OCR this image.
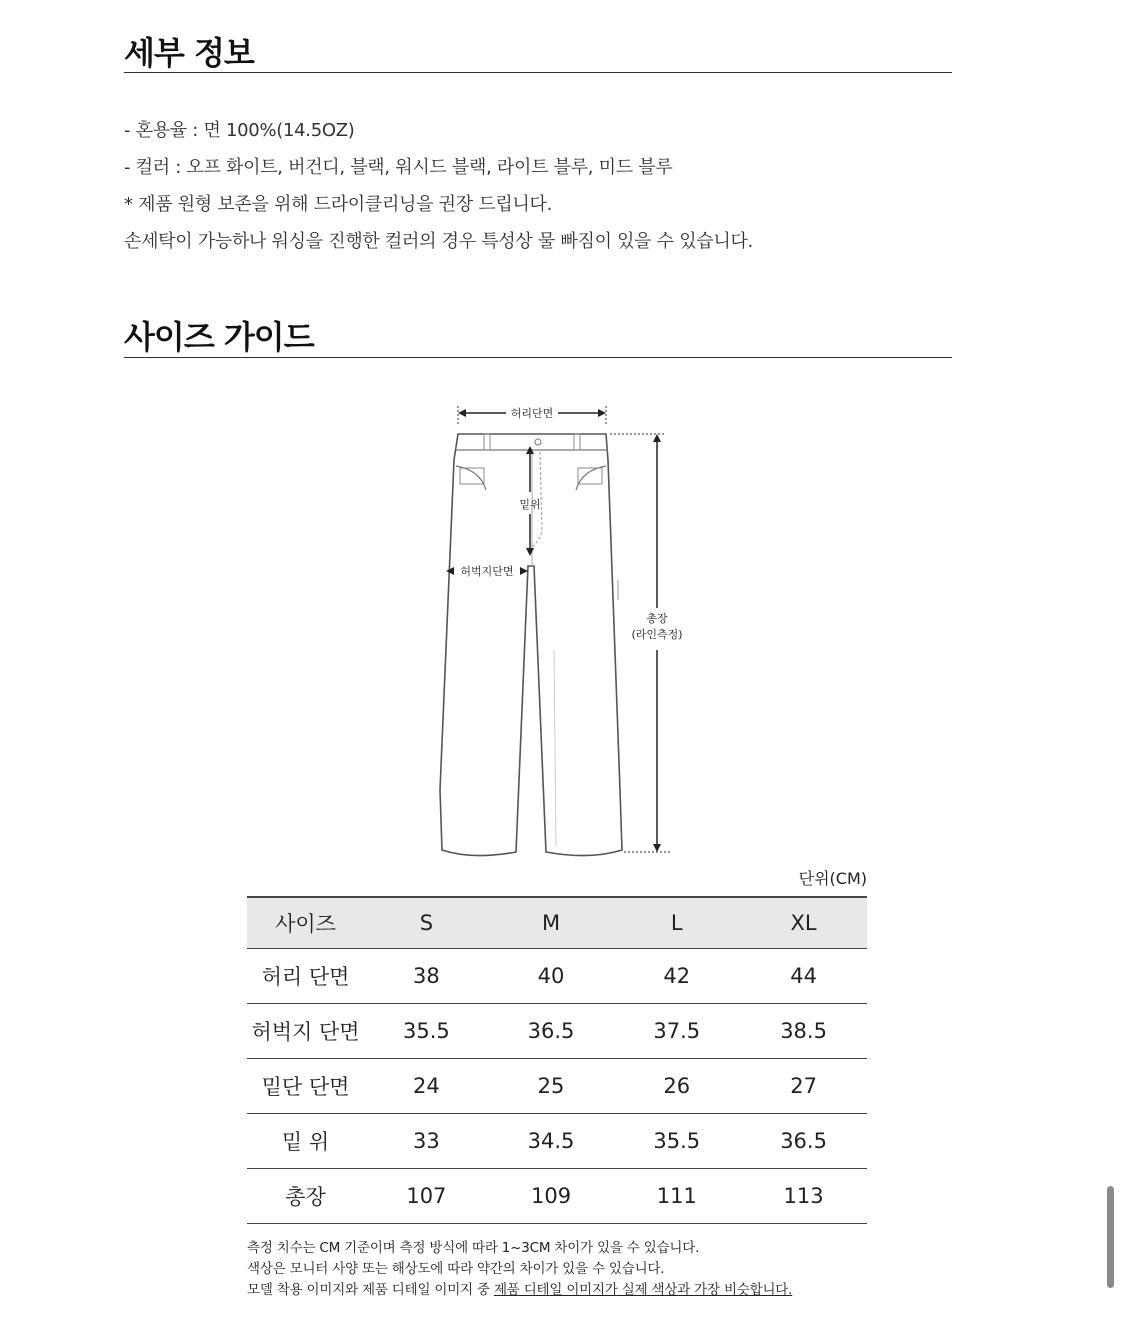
세부 정보
- 혼용율 : 면 100%(14.5OZ)
- 컬러 : 오프 화이트, 버건디, 블랙, 워시드 블랙, 라이트 블루, 미드 블루
* 제품 원형 보존을 위해 드라이클리닝을 권장 드립니다.
손세탁이 가능하나 워싱을 진행한 컬러의 경우 특성상 물 빠짐이 있을 수 있습니다.
사이즈 가이드
허리단면
밑위
허벅지단면
총장
(라인측정)
단위(CM)
사이즈	S	M	L	XL
허리 단면	38	40	42	44
허벅지 단면	35.5	36.5	37.5	38.5
밑단 단면	24	25	26	27
밑 위	33	34.5	35.5	36.5
총장	107	109	111	113
측정 치수는 CM 기준이며 측정 방식에 따라 1~3CM 차이가 있을 수 있습니다.
색상은 모니터 사양 또는 해상도에 따라 약간의 차이가 있을 수 있습니다.
모델 착용 이미지와 제품 디테일 이미지 중 제품 디테일 이미지가 실제 색상과 가장 비슷합니다.
